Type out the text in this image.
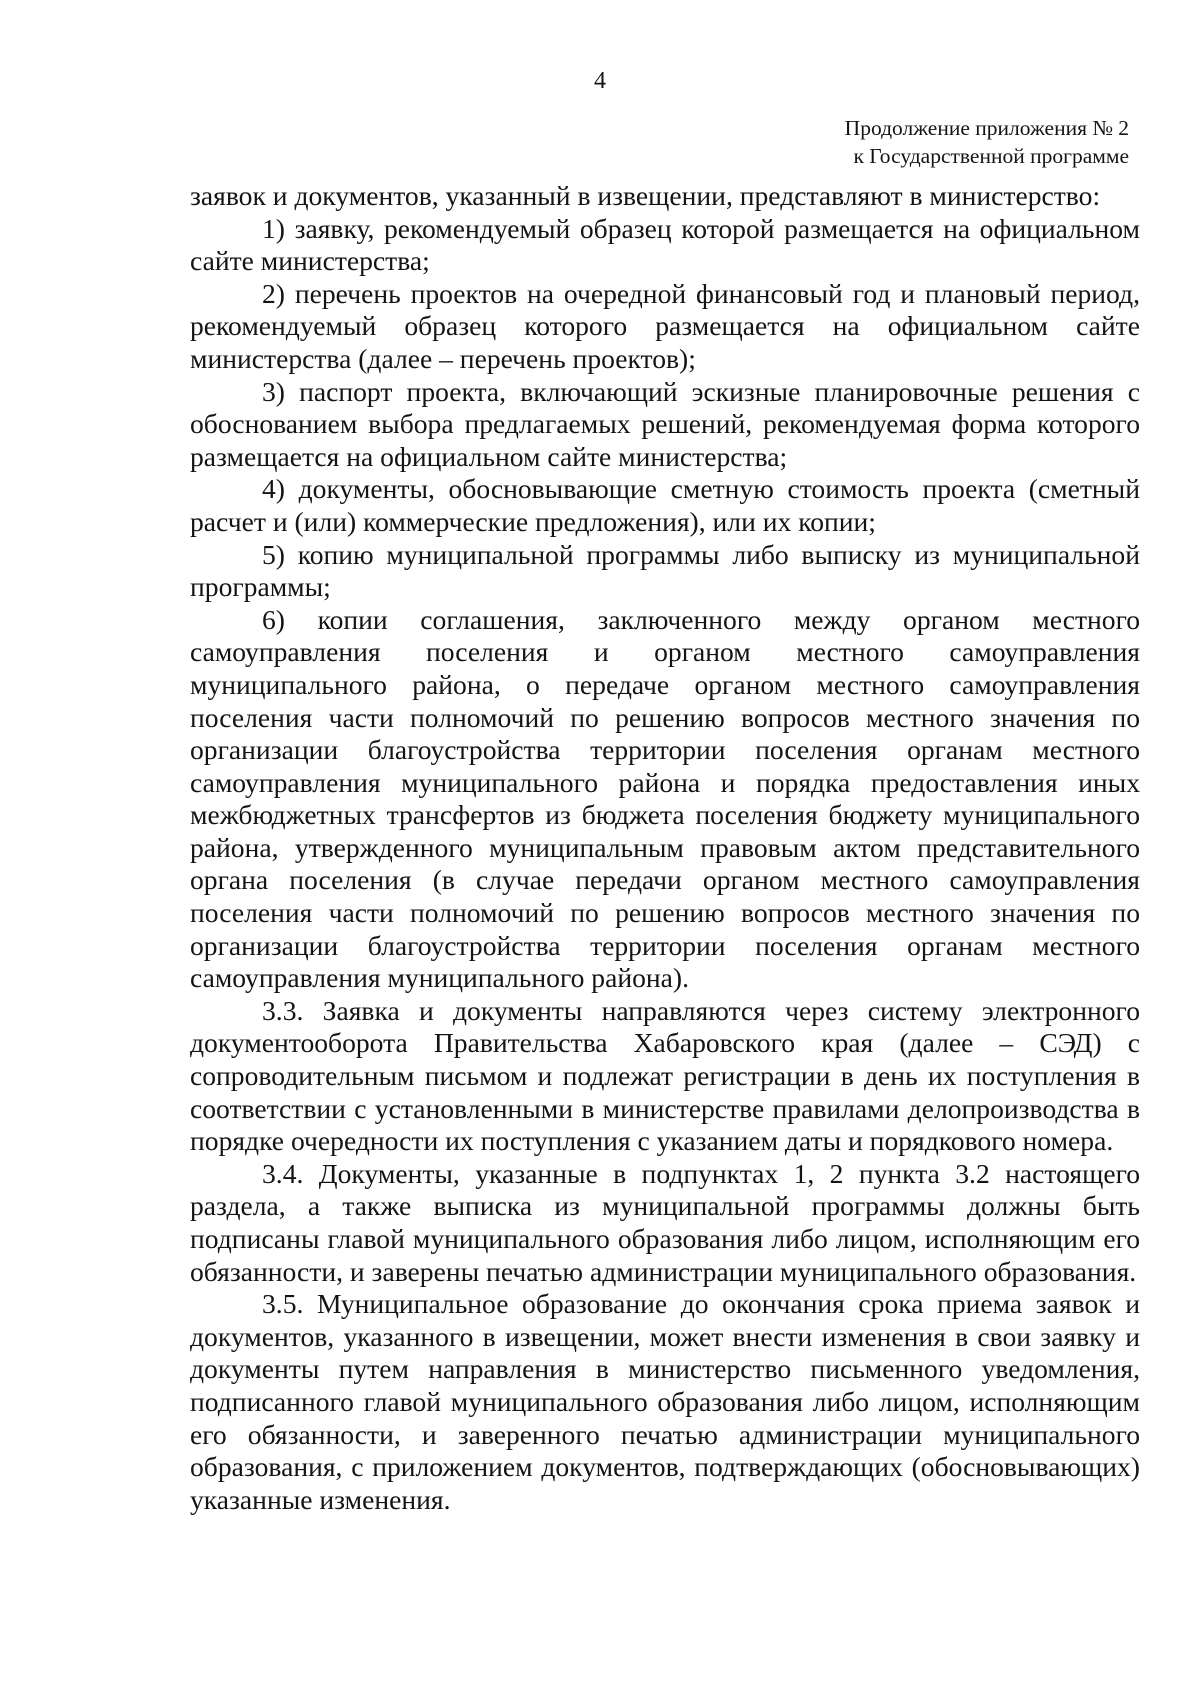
4
Продолжение приложения № 2
к Государственной программе

заявок и документов, указанный в извещении, представляют в министерство:

1) заявку, рекомендуемый образец которой размещается на официальном сайте министерства;

2) перечень проектов на очередной финансовый год и плановый период, рекомендуемый образец которого размещается на официальном сайте министерства (далее – перечень проектов);

3) паспорт проекта, включающий эскизные планировочные решения с обоснованием выбора предлагаемых решений, рекомендуемая форма которого размещается на официальном сайте министерства;

4) документы, обосновывающие сметную стоимость проекта (сметный расчет и (или) коммерческие предложения), или их копии;

5) копию муниципальной программы либо выписку из муниципальной программы;

6) копии соглашения, заключенного между органом местного самоуправления поселения и органом местного самоуправления муниципального района, о передаче органом местного самоуправления поселения части полномочий по решению вопросов местного значения по организации благоустройства территории поселения органам местного самоуправления муниципального района и порядка предоставления иных межбюджетных трансфертов из бюджета поселения бюджету муниципального района, утвержденного муниципальным правовым актом представительного органа поселения (в случае передачи органом местного самоуправления поселения части полномочий по решению вопросов местного значения по организации благоустройства территории поселения органам местного самоуправления муниципального района).

3.3. Заявка и документы направляются через систему электронного документооборота Правительства Хабаровского края (далее – СЭД) с сопроводительным письмом и подлежат регистрации в день их поступления в соответствии с установленными в министерстве правилами делопроизводства в порядке очередности их поступления с указанием даты и порядкового номера.

3.4. Документы, указанные в подпунктах 1, 2 пункта 3.2 настоящего раздела, а также выписка из муниципальной программы должны быть подписаны главой муниципального образования либо лицом, исполняющим его обязанности, и заверены печатью администрации муниципального образования.

3.5. Муниципальное образование до окончания срока приема заявок и документов, указанного в извещении, может внести изменения в свои заявку и документы путем направления в министерство письменного уведомления, подписанного главой муниципального образования либо лицом, исполняющим его обязанности, и заверенного печатью администрации муниципального образования, с приложением документов, подтверждающих (обосновывающих) указанные изменения.
